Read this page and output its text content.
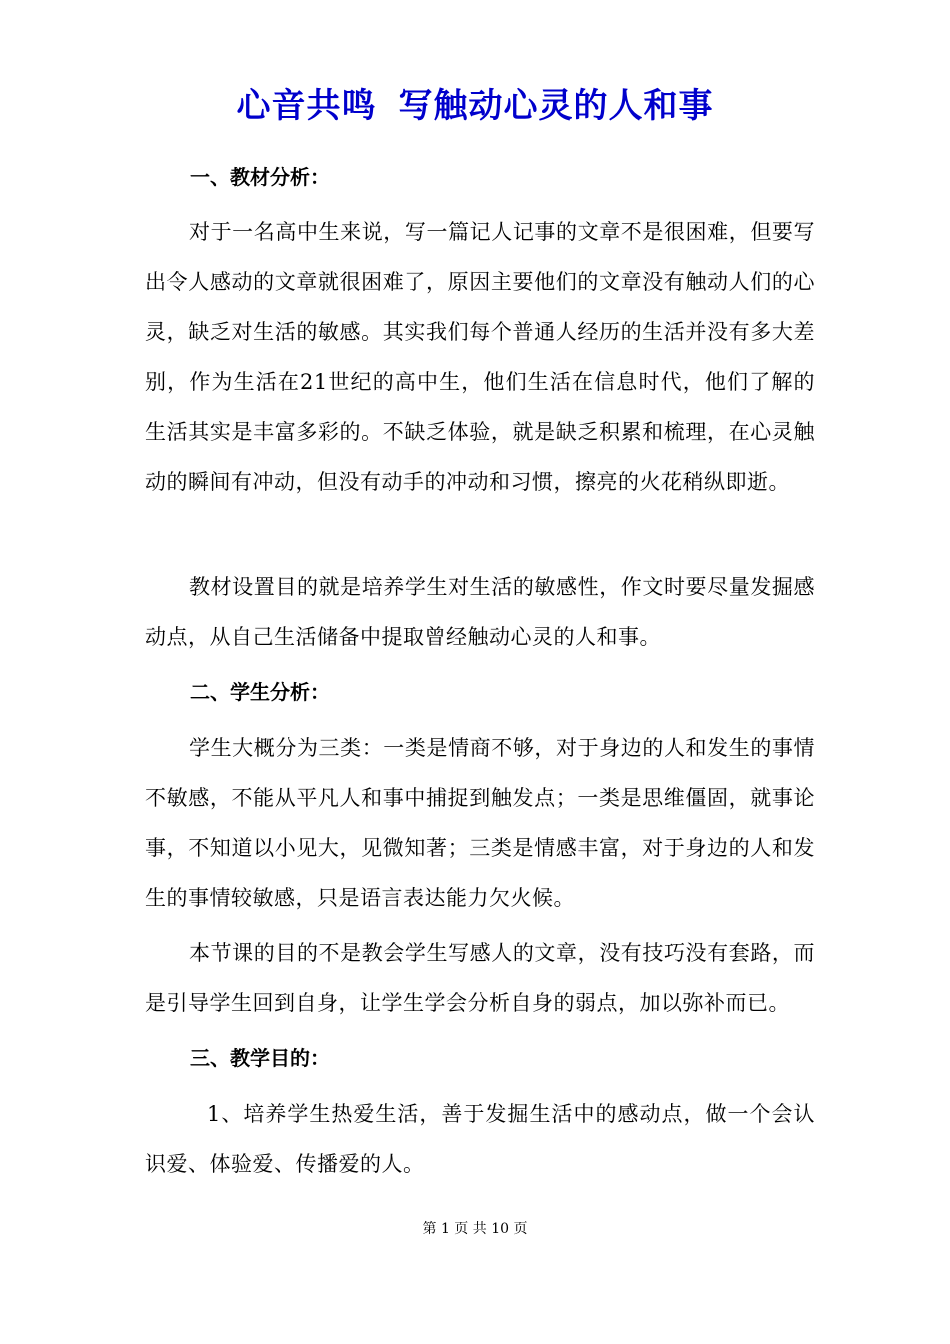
心音共鸣 写触动心灵的人和事
一、教材分析：
对于一名高中生来说，写一篇记人记事的文章不是很困难，但要写出令人感动的文章就很困难了，原因主要他们的文章没有触动人们的心灵，缺乏对生活的敏感。其实我们每个普通人经历的生活并没有多大差别，作为生活在21世纪的高中生，他们生活在信息时代，他们了解的生活其实是丰富多彩的。不缺乏体验，就是缺乏积累和梳理，在心灵触动的瞬间有冲动，但没有动手的冲动和习惯，擦亮的火花稍纵即逝。
教材设置目的就是培养学生对生活的敏感性，作文时要尽量发掘感动点，从自己生活储备中提取曾经触动心灵的人和事。
二、学生分析：
学生大概分为三类：一类是情商不够，对于身边的人和发生的事情不敏感，不能从平凡人和事中捕捉到触发点；一类是思维僵固，就事论事，不知道以小见大，见微知著；三类是情感丰富，对于身边的人和发生的事情较敏感，只是语言表达能力欠火候。
本节课的目的不是教会学生写感人的文章，没有技巧没有套路，而是引导学生回到自身，让学生学会分析自身的弱点，加以弥补而已。
三、教学目的：
1、培养学生热爱生活，善于发掘生活中的感动点，做一个会认识爱、体验爱、传播爱的人。
第 1 页 共 10 页
